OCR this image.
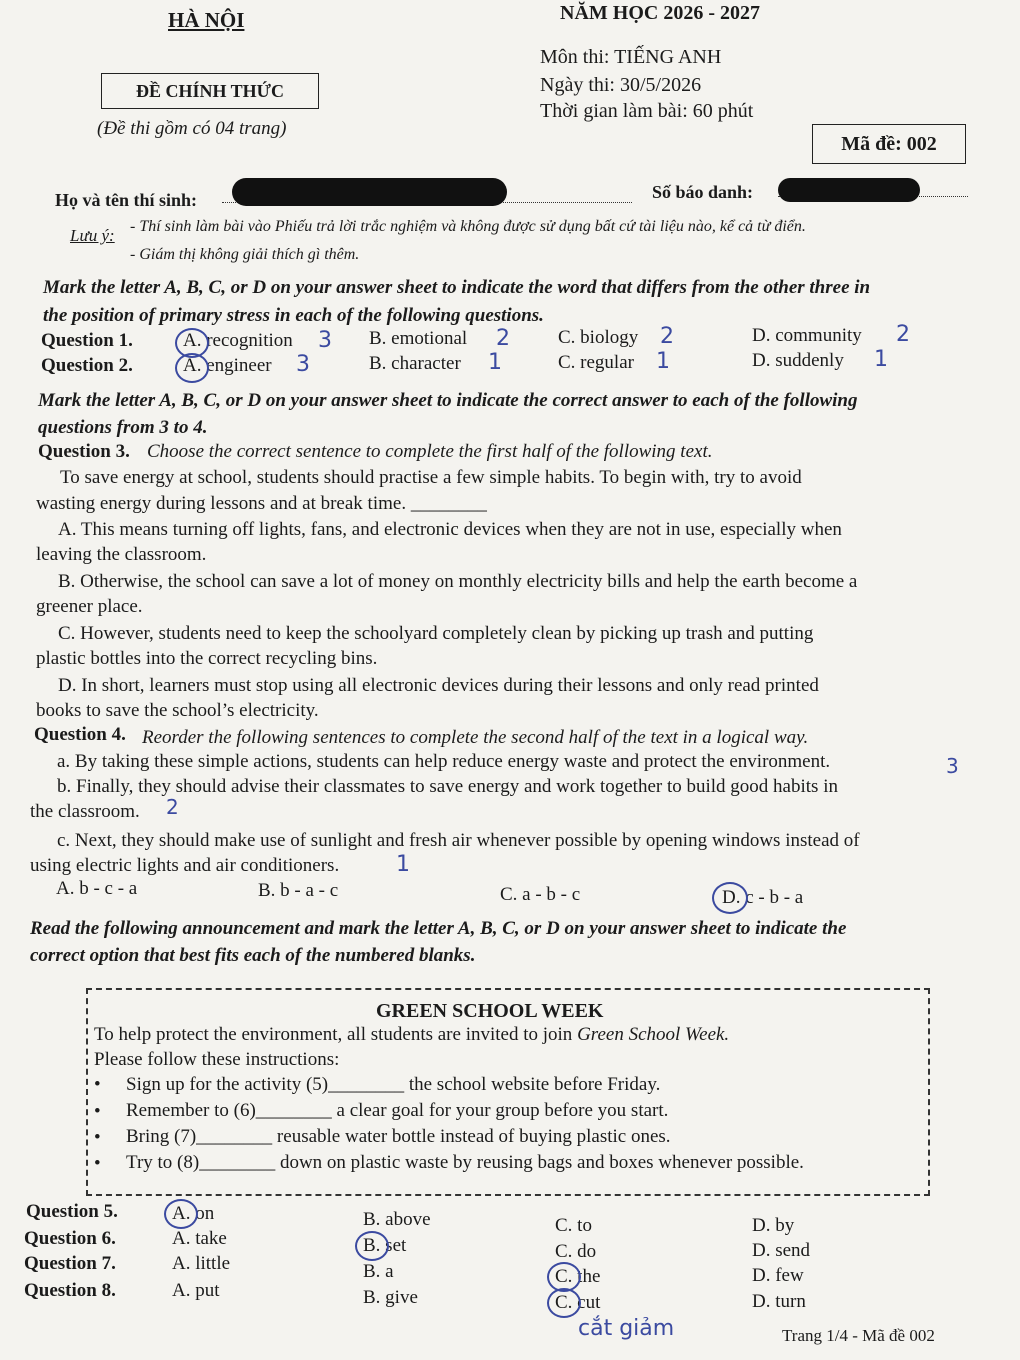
HÀ NỘI	NĂM HỌC 2026 - 2027
Môn thi: TIẾNG ANH
Ngày thi: 30/5/2026
Thời gian làm bài: 60 phút
ĐỀ CHÍNH THỨC
(Đề thi gồm có 04 trang)
Mã đề: 002
Họ và tên thí sinh:	Số báo danh:
Lưu ý: - Thí sinh làm bài vào Phiếu trả lời trắc nghiệm và không được sử dụng bất cứ tài liệu nào, kể cả từ điển.
- Giám thị không giải thích gì thêm.
Mark the letter A, B, C, or D on your answer sheet to indicate the word that differs from the other three in
the position of primary stress in each of the following questions.
Question 1.	A. recognition	B. emotional	C. biology	D. community
3	2	2	2
Question 2.	A. engineer	B. character	C. regular	D. suddenly
3	1	1	1
Mark the letter A, B, C, or D on your answer sheet to indicate the correct answer to each of the following
questions from 3 to 4.
Question 3. Choose the correct sentence to complete the first half of the following text.
To save energy at school, students should practise a few simple habits. To begin with, try to avoid
wasting energy during lessons and at break time. ________
A. This means turning off lights, fans, and electronic devices when they are not in use, especially when
leaving the classroom.
B. Otherwise, the school can save a lot of money on monthly electricity bills and help the earth become a
greener place.
C. However, students need to keep the schoolyard completely clean by picking up trash and putting
plastic bottles into the correct recycling bins.
D. In short, learners must stop using all electronic devices during their lessons and only read printed
books to save the school’s electricity.
Question 4. Reorder the following sentences to complete the second half of the text in a logical way.
a. By taking these simple actions, students can help reduce energy waste and protect the environment.	3
b. Finally, they should advise their classmates to save energy and work together to build good habits in
the classroom. 2
c. Next, they should make use of sunlight and fresh air whenever possible by opening windows instead of
using electric lights and air conditioners.	1
A. b - c - a	B. b - a - c	C. a - b - c	D. c - b - a
Read the following announcement and mark the letter A, B, C, or D on your answer sheet to indicate the
correct option that best fits each of the numbered blanks.
GREEN SCHOOL WEEK
To help protect the environment, all students are invited to join Green School Week.
Please follow these instructions:
• Sign up for the activity (5)________ the school website before Friday.
• Remember to (6)________ a clear goal for your group before you start.
• Bring (7)________ reusable water bottle instead of buying plastic ones.
• Try to (8)________ down on plastic waste by reusing bags and boxes whenever possible.
Question 5.	A. on	B. above	C. to	D. by
Question 6.	A. take	B. set	C. do	D. send
Question 7.	A. little	B. a	C. the	D. few
Question 8.	A. put	B. give	C. cut	D. turn
cắt giảm	Trang 1/4 - Mã đề 002
